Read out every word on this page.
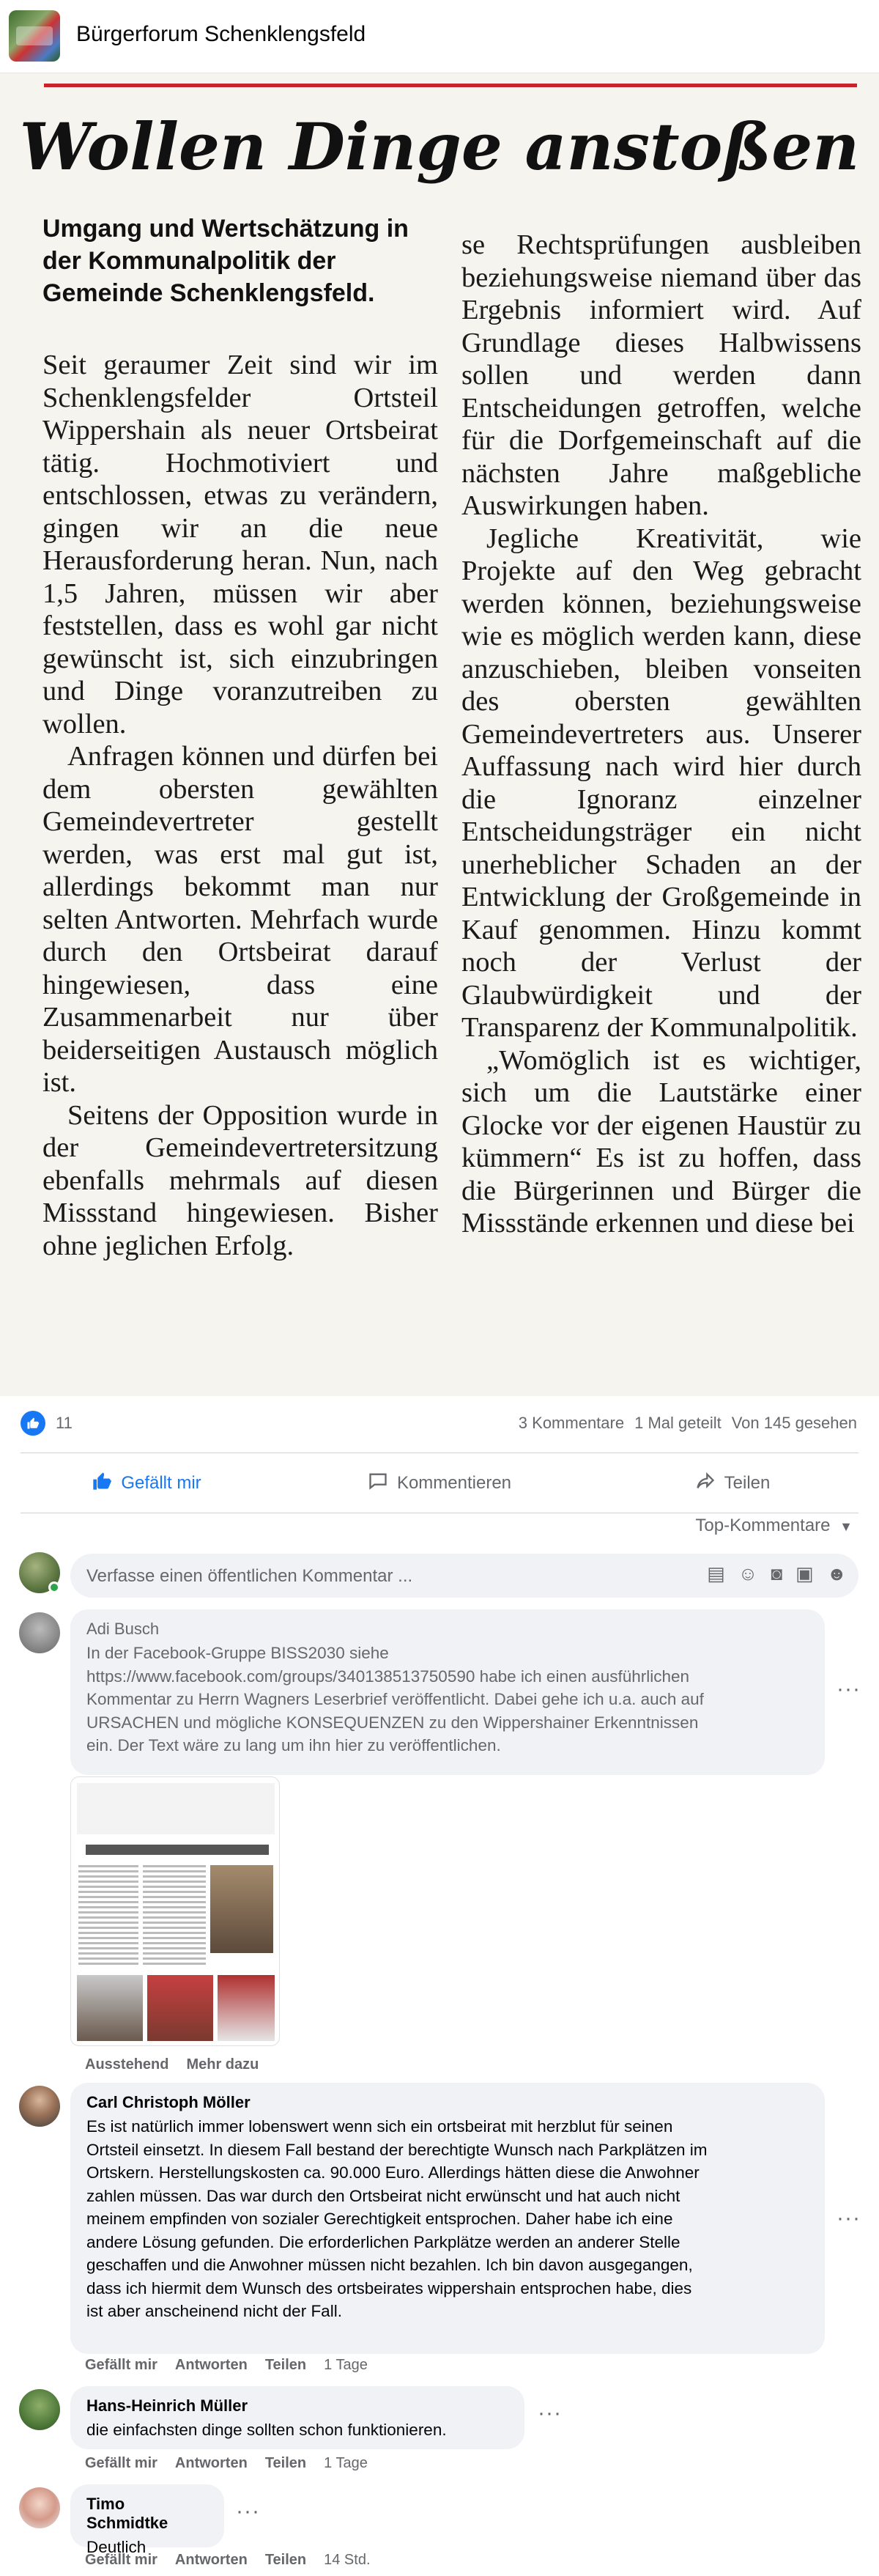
Bürgerforum Schenklengsfeld
Wollen Dinge anstoßen

Umgang und Wertschätzung in der Kommunalpolitik der Gemeinde Schenklengsfeld.

Seit geraumer Zeit sind wir im Schenklengsfelder Ortsteil Wippershain als neuer Ortsbeirat tätig. Hochmotiviert und entschlossen, etwas zu verändern, gingen wir an die neue Herausforderung heran. Nun, nach 1,5 Jahren, müssen wir aber feststellen, dass es wohl gar nicht gewünscht ist, sich einzubringen und Dinge voranzutreiben zu wollen.

Anfragen können und dürfen bei dem obersten gewählten Gemeindevertreter gestellt werden, was erst mal gut ist, allerdings bekommt man nur selten Antworten. Mehrfach wurde durch den Ortsbeirat darauf hingewiesen, dass eine Zusammenarbeit nur über beiderseitigen Austausch möglich ist.

Seitens der Opposition wurde in der Gemeindevertretersitzung ebenfalls mehrmals auf diesen Missstand hingewiesen. Bisher ohne jeglichen Erfolg.

se Rechtsprüfungen ausbleiben beziehungsweise niemand über das Ergebnis informiert wird. Auf Grundlage dieses Halbwissens sollen und werden dann Entscheidungen getroffen, welche für die Dorfgemeinschaft auf die nächsten Jahre maßgebliche Auswirkungen haben.

Jegliche Kreativität, wie Projekte auf den Weg gebracht werden können, beziehungsweise wie es möglich werden kann, diese anzuschieben, bleiben vonseiten des obersten gewählten Gemeindevertreters aus. Unserer Auffassung nach wird hier durch die Ignoranz einzelner Entscheidungsträger ein nicht unerheblicher Schaden an der Entwicklung der Großgemeinde in Kauf genommen. Hinzu kommt noch der Verlust der Glaubwürdigkeit und der Transparenz der Kommunalpolitik.

„Womöglich ist es wichtiger, sich um die Lautstärke einer Glocke vor der eigenen Haustür zu kümmern“ Es ist zu hoffen, dass die Bürgerinnen und Bürger die Missstände erkennen und diese bei

11	3 Kommentare 1 Mal geteilt Von 145 gesehen
Gefällt mir	Kommentieren	Teilen
Top-Kommentare ▼
Verfasse einen öffentlichen Kommentar ...	▤ ☺ ◙ ▣ ☻
Adi Busch
In der Facebook-Gruppe BISS2030 siehe
https://www.facebook.com/groups/340138513750590 habe ich einen ausführlichen
Kommentar zu Herrn Wagners Leserbrief veröffentlicht. Dabei gehe ich u.a. auch auf
URSACHEN und mögliche KONSEQUENZEN zu den Wippershainer Erkenntnissen
ein. Der Text wäre zu lang um ihn hier zu veröffentlichen.
···
Ausstehend Mehr dazu
Carl Christoph Möller
Es ist natürlich immer lobenswert wenn sich ein ortsbeirat mit herzblut für seinen
Ortsteil einsetzt. In diesem Fall bestand der berechtigte Wunsch nach Parkplätzen im
Ortskern. Herstellungskosten ca. 90.000 Euro. Allerdings hätten diese die Anwohner
zahlen müssen. Das war durch den Ortsbeirat nicht erwünscht und hat auch nicht
meinem empfinden von sozialer Gerechtigkeit entsprochen. Daher habe ich eine
andere Lösung gefunden. Die erforderlichen Parkplätze werden an anderer Stelle
geschaffen und die Anwohner müssen nicht bezahlen. Ich bin davon ausgegangen,
dass ich hiermit dem Wunsch des ortsbeirates wippershain entsprochen habe, dies
ist aber anscheinend nicht der Fall.
···
Gefällt mir Antworten Teilen 1 Tage
Hans-Heinrich Müller
die einfachsten dinge sollten schon funktionieren.
···
Gefällt mir Antworten Teilen 1 Tage
Timo Schmidtke
Deutlich
···
Gefällt mir Antworten Teilen 14 Std.
